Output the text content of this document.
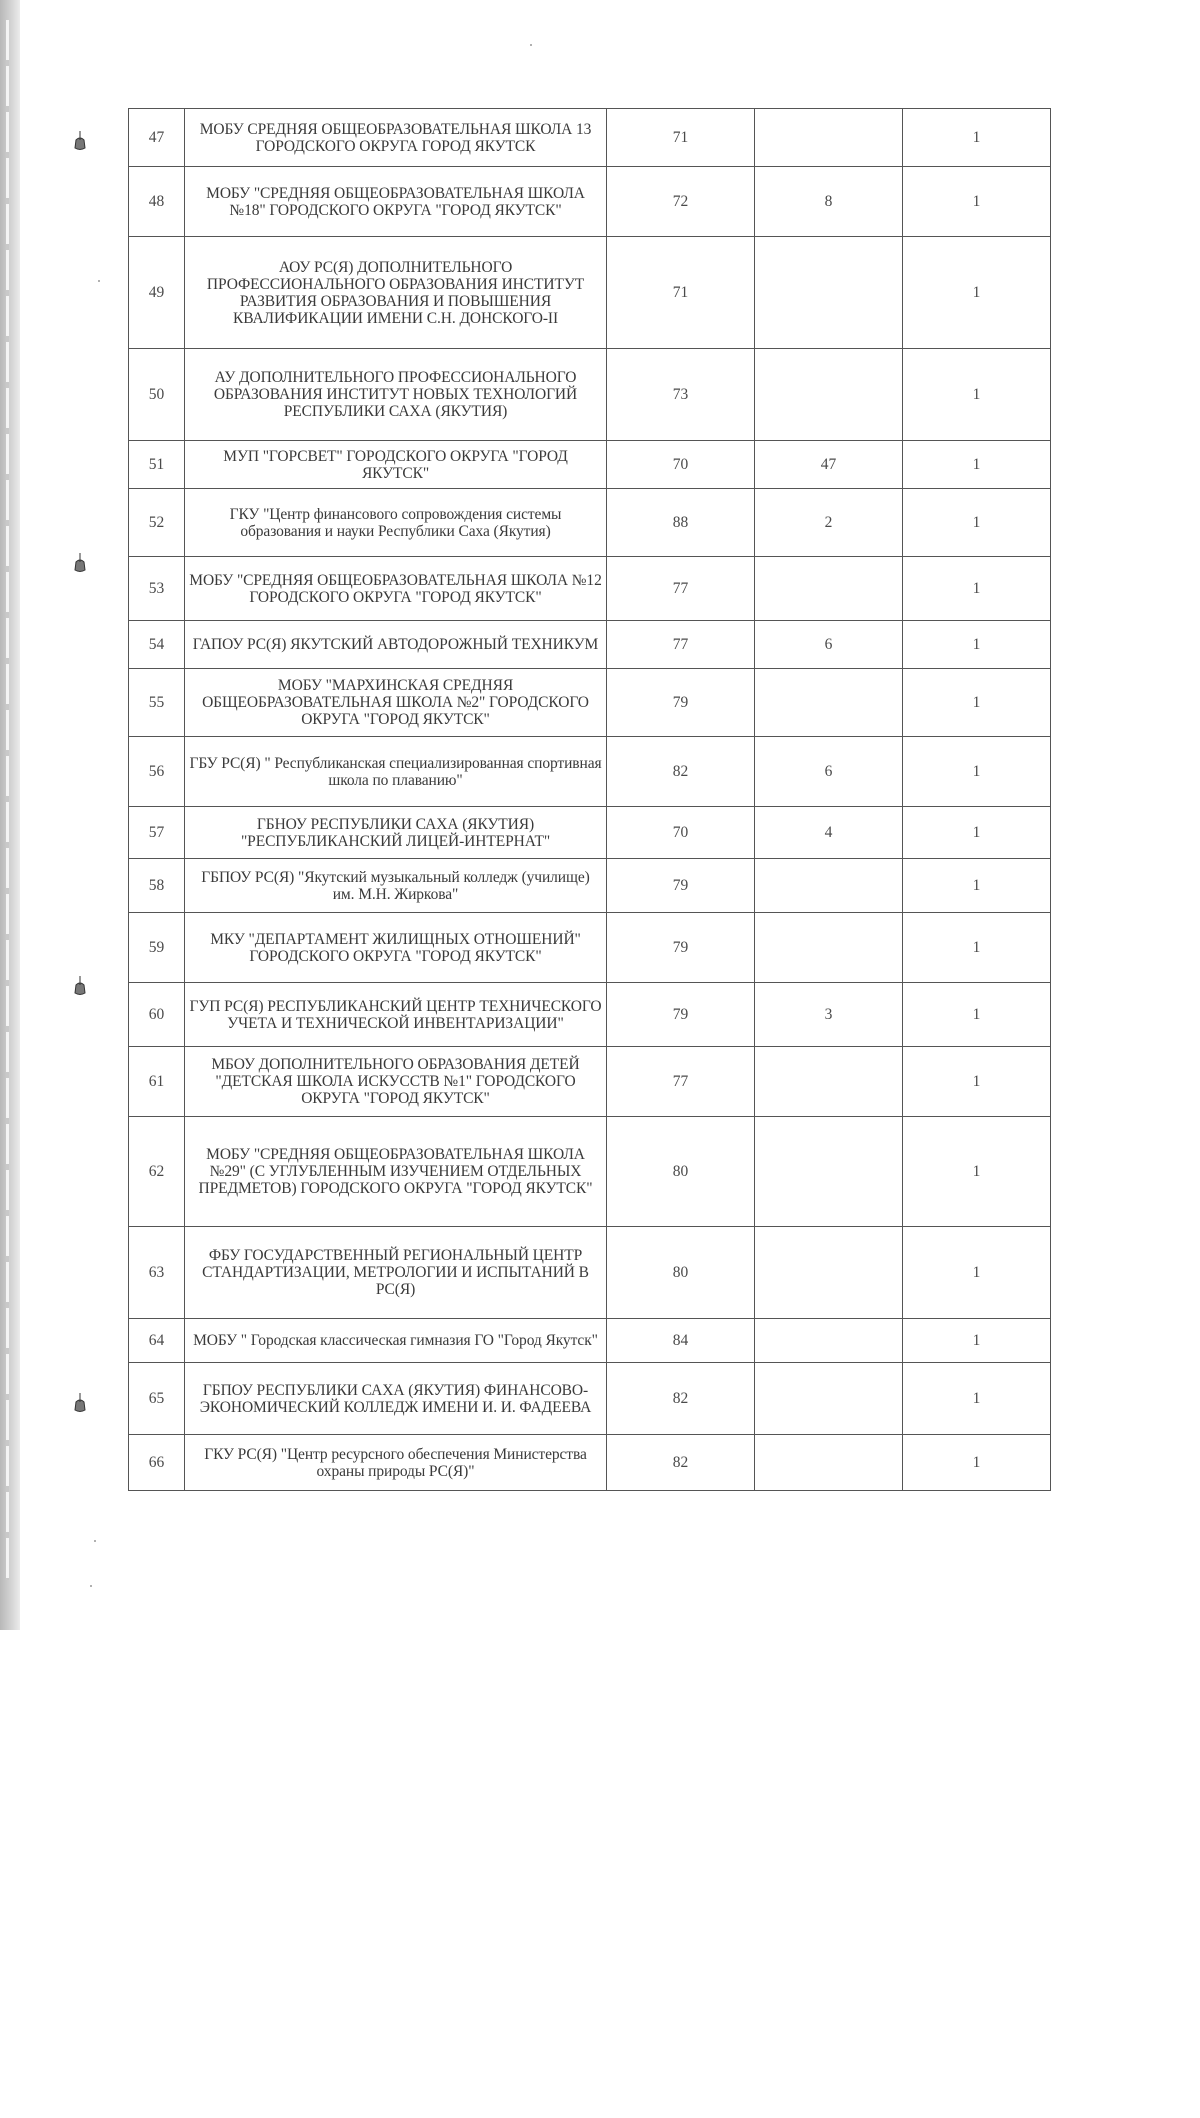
47	МОБУ СРЕДНЯЯ ОБЩЕОБРАЗОВАТЕЛЬНАЯ ШКОЛА 13 ГОРОДСКОГО ОКРУГА ГОРОД ЯКУТСК	71		1
48	МОБУ "СРЕДНЯЯ ОБЩЕОБРАЗОВАТЕЛЬНАЯ ШКОЛА №18" ГОРОДСКОГО ОКРУГА "ГОРОД ЯКУТСК"	72	8	1
49	АОУ РС(Я) ДОПОЛНИТЕЛЬНОГО ПРОФЕССИОНАЛЬНОГО ОБРАЗОВАНИЯ ИНСТИТУТ РАЗВИТИЯ ОБРАЗОВАНИЯ И ПОВЫШЕНИЯ КВАЛИФИКАЦИИ ИМЕНИ С.Н. ДОНСКОГО-II	71		1
50	АУ ДОПОЛНИТЕЛЬНОГО ПРОФЕССИОНАЛЬНОГО ОБРАЗОВАНИЯ ИНСТИТУТ НОВЫХ ТЕХНОЛОГИЙ РЕСПУБЛИКИ САХА (ЯКУТИЯ)	73		1
51	МУП "ГОРСВЕТ" ГОРОДСКОГО ОКРУГА "ГОРОД ЯКУТСК"	70	47	1
52	ГКУ "Центр финансового сопровождения системы образования и науки Республики Саха (Якутия)	88	2	1
53	МОБУ "СРЕДНЯЯ ОБЩЕОБРАЗОВАТЕЛЬНАЯ ШКОЛА №12 ГОРОДСКОГО ОКРУГА "ГОРОД ЯКУТСК"	77		1
54	ГАПОУ РС(Я) ЯКУТСКИЙ АВТОДОРОЖНЫЙ ТЕХНИКУМ	77	6	1
55	МОБУ "МАРХИНСКАЯ СРЕДНЯЯ ОБЩЕОБРАЗОВАТЕЛЬНАЯ ШКОЛА №2" ГОРОДСКОГО ОКРУГА "ГОРОД ЯКУТСК"	79		1
56	ГБУ РС(Я) " Республиканская специализированная спортивная школа по плаванию"	82	6	1
57	ГБНОУ РЕСПУБЛИКИ САХА (ЯКУТИЯ) "РЕСПУБЛИКАНСКИЙ ЛИЦЕЙ-ИНТЕРНАТ"	70	4	1
58	ГБПОУ РС(Я) "Якутский музыкальный колледж (училище) им. М.Н. Жиркова"	79		1
59	МКУ "ДЕПАРТАМЕНТ ЖИЛИЩНЫХ ОТНОШЕНИЙ" ГОРОДСКОГО ОКРУГА "ГОРОД ЯКУТСК"	79		1
60	ГУП РС(Я) РЕСПУБЛИКАНСКИЙ ЦЕНТР ТЕХНИЧЕСКОГО УЧЕТА И ТЕХНИЧЕСКОЙ ИНВЕНТАРИЗАЦИИ"	79	3	1
61	МБОУ ДОПОЛНИТЕЛЬНОГО ОБРАЗОВАНИЯ ДЕТЕЙ "ДЕТСКАЯ ШКОЛА ИСКУССТВ №1" ГОРОДСКОГО ОКРУГА "ГОРОД ЯКУТСК"	77		1
62	МОБУ "СРЕДНЯЯ ОБЩЕОБРАЗОВАТЕЛЬНАЯ ШКОЛА №29" (С УГЛУБЛЕННЫМ ИЗУЧЕНИЕМ ОТДЕЛЬНЫХ ПРЕДМЕТОВ) ГОРОДСКОГО ОКРУГА "ГОРОД ЯКУТСК"	80		1
63	ФБУ ГОСУДАРСТВЕННЫЙ РЕГИОНАЛЬНЫЙ ЦЕНТР СТАНДАРТИЗАЦИИ, МЕТРОЛОГИИ И ИСПЫТАНИЙ В РС(Я)	80		1
64	МОБУ " Городская классическая гимназия ГО "Город Якутск"	84		1
65	ГБПОУ РЕСПУБЛИКИ САХА (ЯКУТИЯ) ФИНАНСОВО-ЭКОНОМИЧЕСКИЙ КОЛЛЕДЖ ИМЕНИ И. И. ФАДЕЕВА	82		1
66	ГКУ РС(Я) "Центр ресурсного обеспечения Министерства охраны природы РС(Я)"	82		1
